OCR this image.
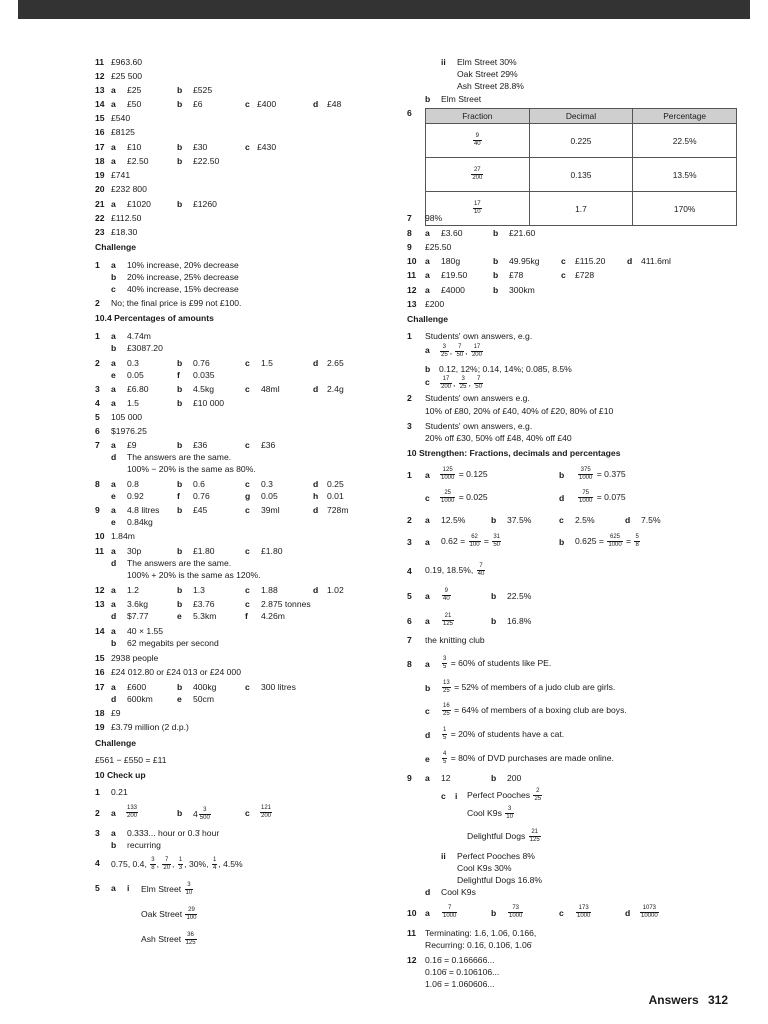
11 £963.60
12 £25 500
13 a £25	b £525
14 a £50	b £6	c £400	d £48
15 £540
16 £8125
17 a £10	b £30	c £430
18 a £2.50	b £22.50
19 £741
20 £232 800
21 a £1020	b £1260
22 £112.50
23 £18.30
Challenge
1 a 10% increase, 20% decrease
b 20% increase, 25% decrease
c 40% increase, 15% decrease
2 No; the final price is £99 not £100.
10.4 Percentages of amounts
1 a 4.74m
b £3087.20
2 a 0.3	b 0.76	c 1.5	d 2.65
e 0.05	f 0.035
3 a £6.80	b 4.5kg	c 48ml	d 2.4g
4 a 1.5	b £10 000
5 105 000
6 $1976.25
7 a £9	b £36	c £36
d The answers are the same.
100% − 20% is the same as 80%.
8 a 0.8	b 0.6	c 0.3	d 0.25
e 0.92	f 0.76	g 0.05	h 0.01
9 a 4.8 litres b £45	c 39ml	d 728m
e 0.84kg
10 1.84m
11 a 30p	b £1.80	c £1.80
d The answers are the same.
100% + 20% is the same as 120%.
12 a 1.2	b 1.3	c 1.88	d 1.02
13 a 3.6kg	b £3.76	c 2.875 tonnes
d $7.77	e 5.3km	f 4.26m
14 a 40 × 1.55
b 62 megabits per second
15 2938 people
16 £24 012.80 or £24 013 or £24 000
17 a £600	b 400kg	c 300 litres
d 600km	e 50cm
18 £9
19 £3.79 million (2 d.p.)
Challenge
£561 − £550 = £11
10 Check up
1 0.21
2 a $\frac{133}{200}$	b $4 \frac{3}{500}$	c $\frac{121}{200}$
3 a 0.333... hour or 0.3̇ hour
b recurring
4 0.75, 0.4, $\frac{3}{8}$ , $\frac{7}{20}$ , $\frac{1}{3}$ , 30%, $\frac{1}{4}$ , 4.5%
5 a i Elm Street $\frac{3}{10}$
Oak Street $\frac{29}{100}$
Ash Street $\frac{36}{125}$
ii Elm Street 30%
Oak Street 29%
Ash Street 28.8%
b Elm Street
6	Fraction	Decimal	Percentage

$\frac{9}{40}$	0.225	22.5%

$\frac{27}{200}$	0.135	13.5%

$\frac{17}{10}$	1.7	170%
7 98%
8 a £3.60	b £21.60
9 £25.50
10 a 180g	b 49.95kg c £115.20	d 411.6ml
11 a £19.50	b £78	c £728
12 a £4000	b 300km
13 £200
Challenge
1 Students' own answers, e.g.
a $\frac{3}{25}$ , $\frac{7}{50}$ , $\frac{17}{200}$
b 0.12, 12%; 0.14, 14%; 0.085, 8.5%
c $\frac{17}{200}$ , $\frac{3}{25}$ , $\frac{7}{50}$
2 Students' own answers e.g.
10% of £80, 20% of £40, 40% of £20, 80% of £10
3 Students' own answers, e.g.
20% off £30, 50% off £48, 40% off £40
10 Strengthen: Fractions, decimals and percentages
1 a $\frac{125}{1000} = 0.125$	b $\frac{375}{1000} = 0.375$
c $\frac{25}{1000} = 0.025$	d $\frac{75}{1000} = 0.075$
2 a 12.5%	b 37.5%	c 2.5%	d 7.5%
3 a $0.62 = \frac{62}{100} = \frac{31}{50}$	b $0.625 = \frac{625}{1000} = \frac{5}{8}$
4 0.19, 18.5%, $\frac{7}{40}$
5 a $\frac{9}{40}$	b 22.5%
6 a $\frac{21}{125}$	b 16.8%
7 the knitting club
8 a $\frac{3}{5} = 60\%$ of students like PE.
b $\frac{13}{25} = 52\%$ of members of a judo club are girls.
c $\frac{16}{25} = 64\%$ of members of a boxing club are boys.
d $\frac{1}{5} = 20\%$ of students have a cat.
e $\frac{4}{5} = 80\%$ of DVD purchases are made online.
9 a 12	b 200
c i Perfect Pooches $\frac{2}{25}$
Cool $K9s \frac{3}{10}$
Delightful Dogs $\frac{21}{125}$
ii Perfect Pooches 8%
Cool K9s 30%
Delightful Dogs 16.8%
d Cool K9s
10 a $\frac{7}{1000}$	b $\frac{73}{1000}$	c $\frac{173}{1000}$	d $\frac{1073}{10000}$
11 Terminating: 1.6, 1.06, 0.166,
Recurring: 0.16̇, 0.106̇, 1.06̇
12 0.16̇ = 0.166666...
0.106̇ = 0.106106...
1.06̇ = 1.060606...
Answers 312
